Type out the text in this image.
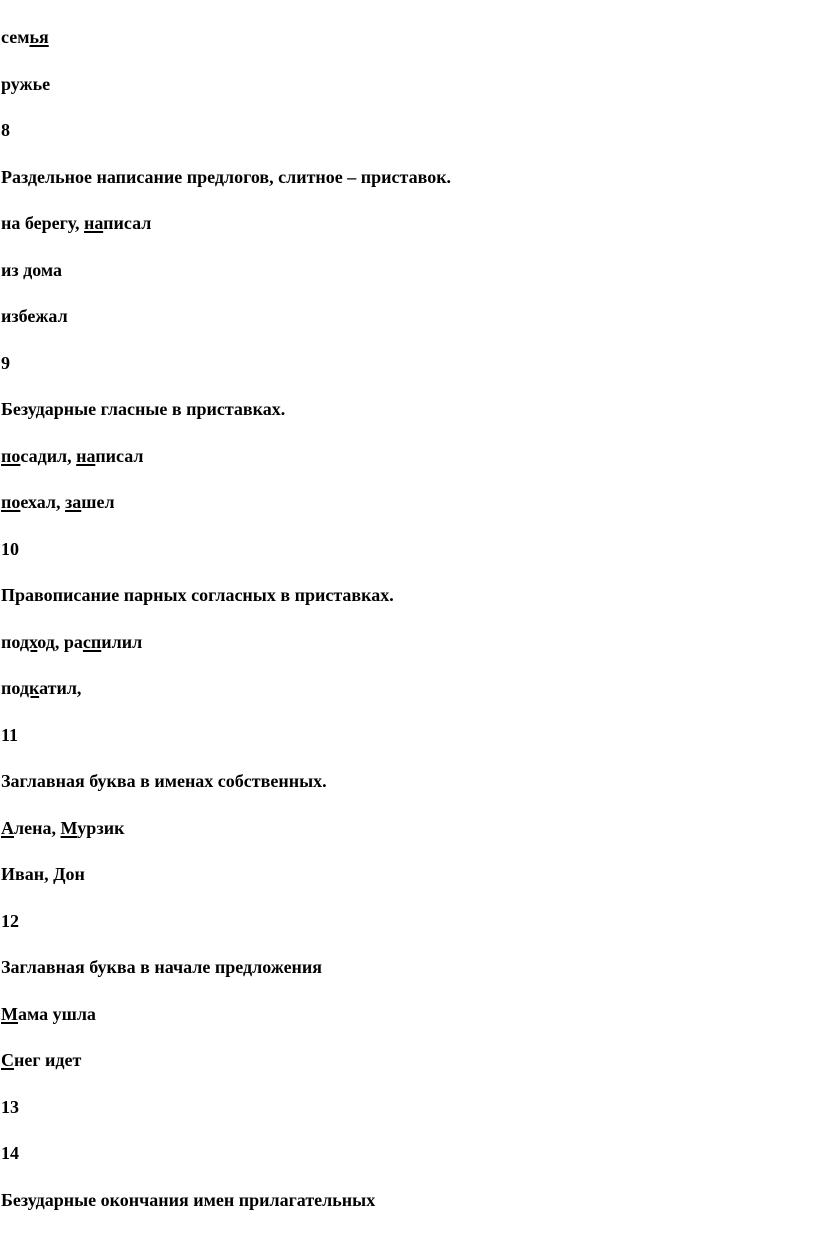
семья
ружье
8
Раздельное написание предлогов, слитное – приставок.
на берегу, написал
из дома
избежал
9
Безударные гласные в приставках.
посадил, написал
поехал, зашел
10
Правописание парных согласных в приставках.
подход, распилил
подкатил,
11
Заглавная буква в именах собственных.
Алена, Мурзик
Иван, Дон
12
Заглавная буква в начале предложения
Мама ушла
Снег идет
13
14
Безударные окончания имен прилагательных
